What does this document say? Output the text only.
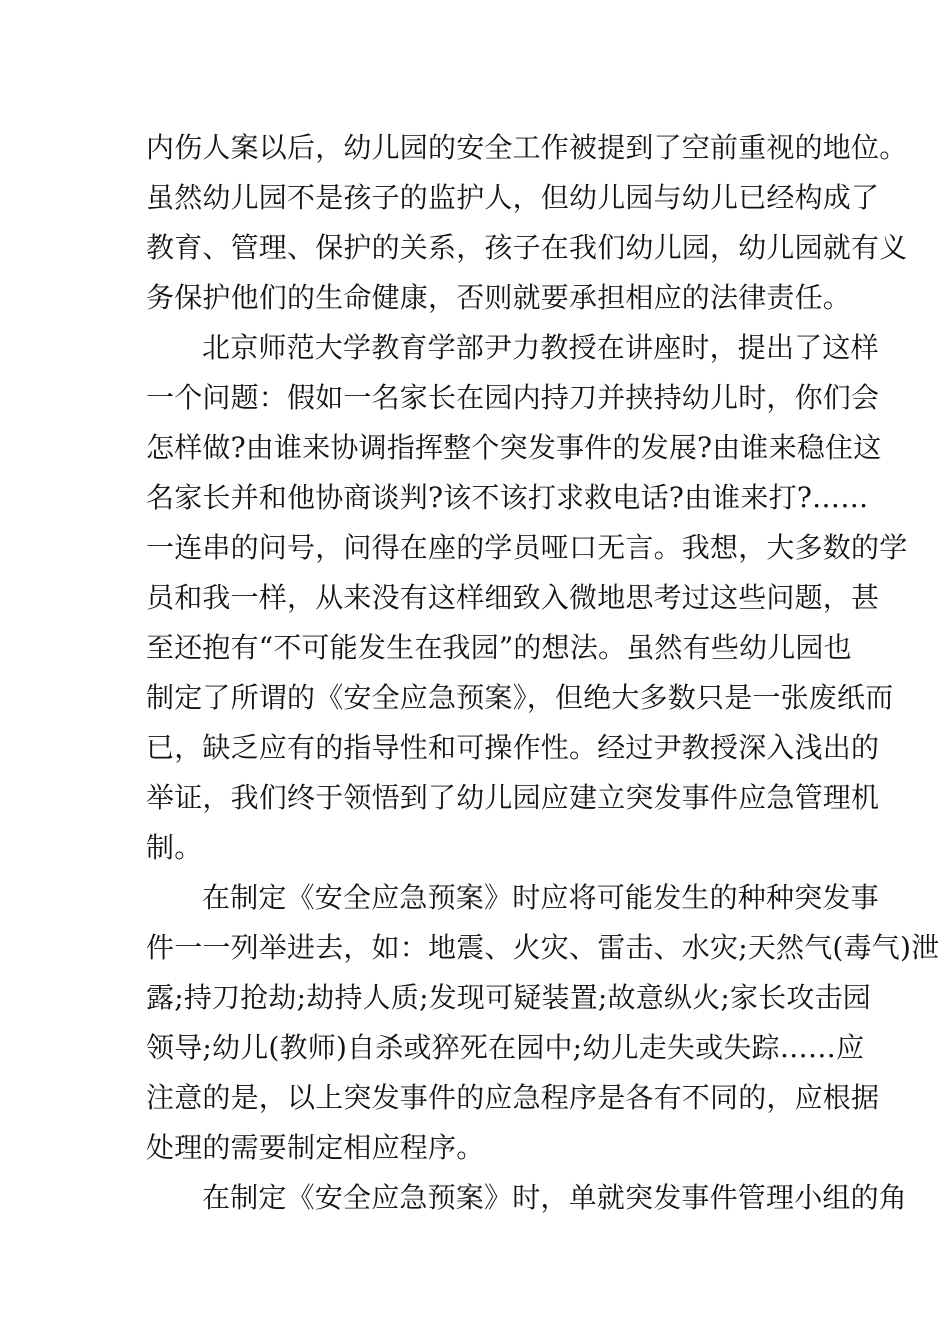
内伤人案以后，幼儿园的安全工作被提到了空前重视的地位。
虽然幼儿园不是孩子的监护人，但幼儿园与幼儿已经构成了
教育、管理、保护的关系，孩子在我们幼儿园，幼儿园就有义
务保护他们的生命健康，否则就要承担相应的法律责任。
北京师范大学教育学部尹力教授在讲座时，提出了这样
一个问题：假如一名家长在园内持刀并挟持幼儿时，你们会
怎样做?由谁来协调指挥整个突发事件的发展?由谁来稳住这
名家长并和他协商谈判?该不该打求救电话?由谁来打?……
一连串的问号，问得在座的学员哑口无言。我想，大多数的学
员和我一样，从来没有这样细致入微地思考过这些问题，甚
至还抱有“不可能发生在我园”的想法。虽然有些幼儿园也
制定了所谓的《安全应急预案》，但绝大多数只是一张废纸而
已，缺乏应有的指导性和可操作性。经过尹教授深入浅出的
举证，我们终于领悟到了幼儿园应建立突发事件应急管理机
制。
在制定《安全应急预案》时应将可能发生的种种突发事
件一一列举进去，如：地震、火灾、雷击、水灾;天然气(毒气)泄
露;持刀抢劫;劫持人质;发现可疑装置;故意纵火;家长攻击园
领导;幼儿(教师)自杀或猝死在园中;幼儿走失或失踪……应
注意的是，以上突发事件的应急程序是各有不同的，应根据
处理的需要制定相应程序。
在制定《安全应急预案》时，单就突发事件管理小组的角
